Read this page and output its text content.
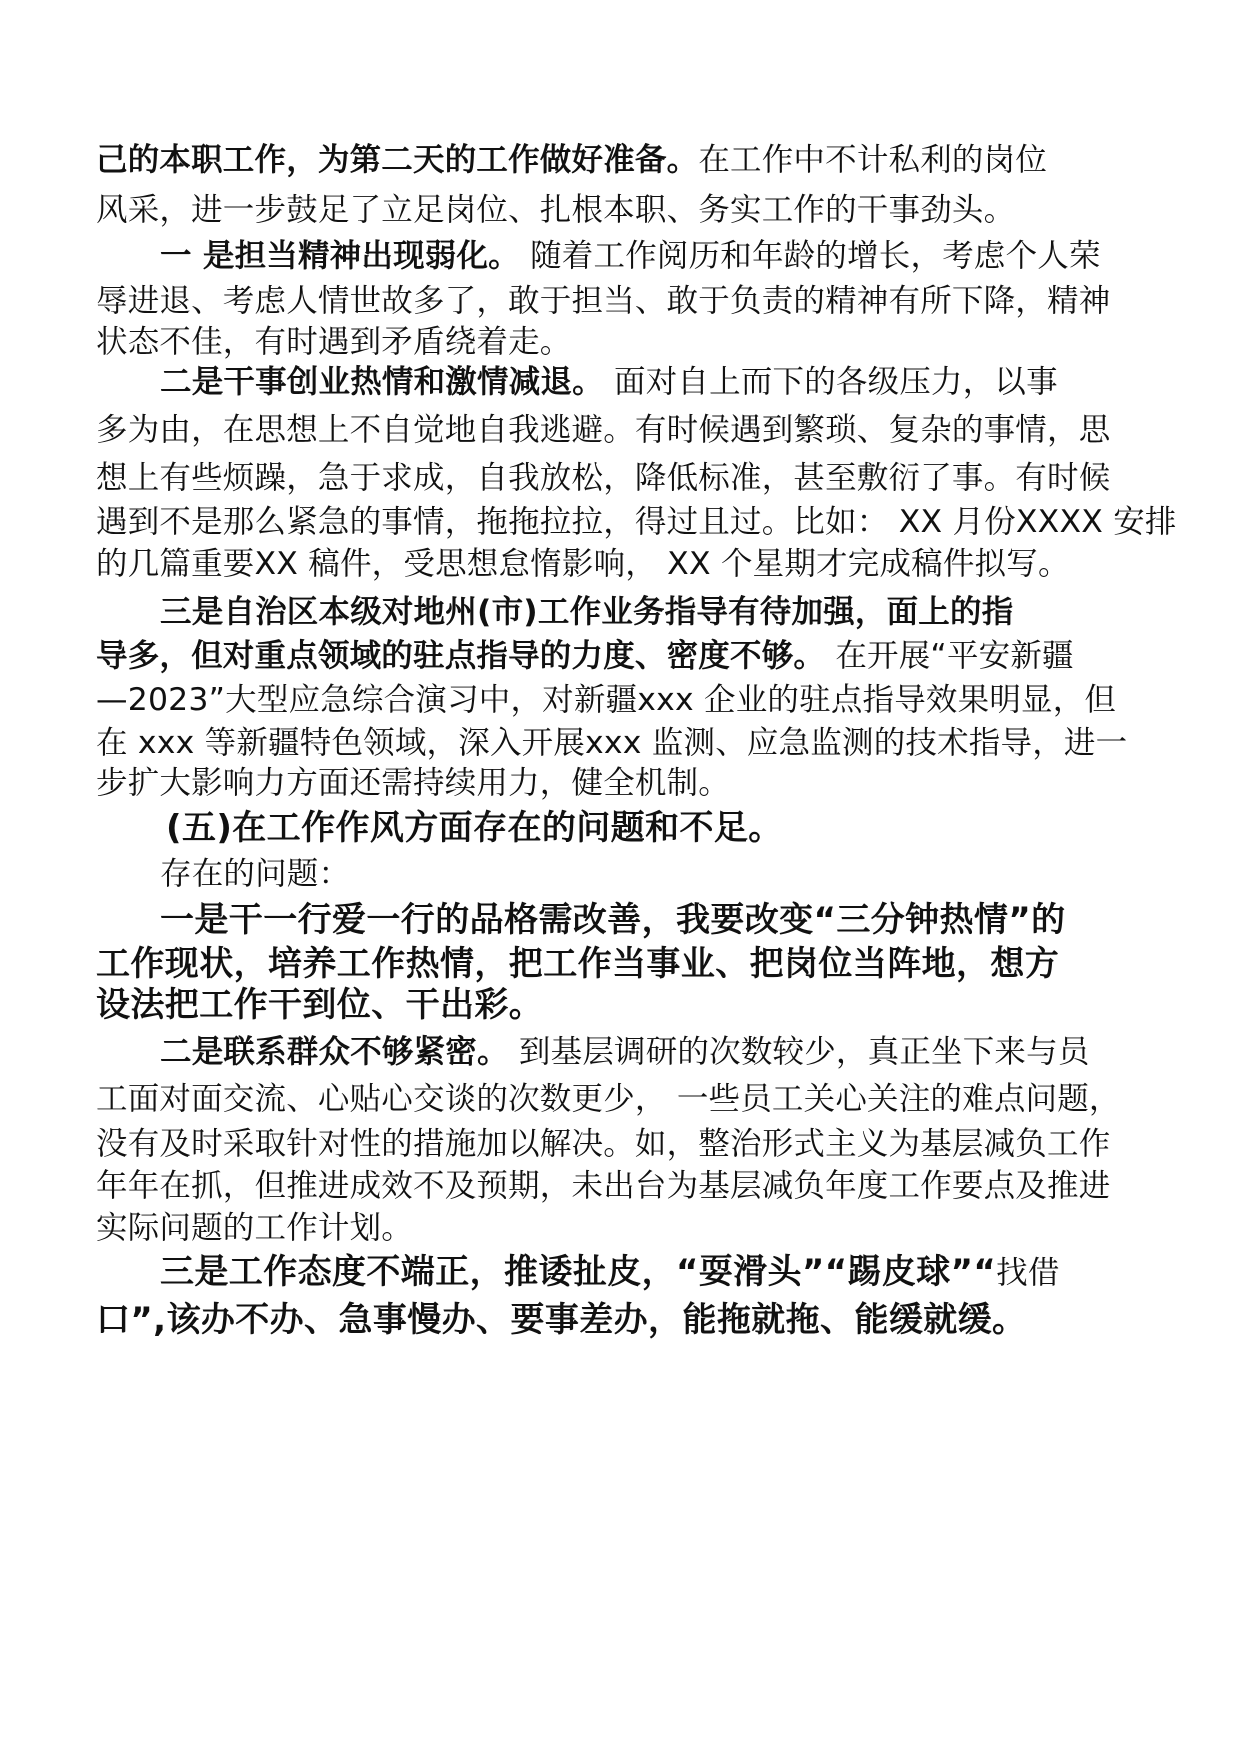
己的本职工作，为第二天的工作做好准备。在工作中不计私利的岗位

风采，进一步鼓足了立足岗位、扎根本职、务实工作的干事劲头。

一 是担当精神出现弱化。 随着工作阅历和年龄的增长，考虑个人荣

辱进退、考虑人情世故多了，敢于担当、敢于负责的精神有所下降，精神

状态不佳，有时遇到矛盾绕着走。

二是干事创业热情和激情减退。 面对自上而下的各级压力，以事

多为由，在思想上不自觉地自我逃避。有时候遇到繁琐、复杂的事情，思

想上有些烦躁，急于求成，自我放松，降低标准，甚至敷衍了事。有时候

遇到不是那么紧急的事情，拖拖拉拉，得过且过。比如： XX 月份XXXX 安排

的几篇重要XX 稿件，受思想怠惰影响， XX 个星期才完成稿件拟写。

三是自治区本级对地州(市)工作业务指导有待加强，面上的指

导多，但对重点领域的驻点指导的力度、密度不够。 在开展“平安新疆

—2023”大型应急综合演习中，对新疆xxx 企业的驻点指导效果明显，但

在 xxx 等新疆特色领域，深入开展xxx 监测、应急监测的技术指导，进一

步扩大影响力方面还需持续用力，健全机制。

(五)在工作作风方面存在的问题和不足。

存在的问题：

一是干一行爱一行的品格需改善，我要改变“三分钟热情”的

工作现状，培养工作热情，把工作当事业、把岗位当阵地，想方

设法把工作干到位、干出彩。

二是联系群众不够紧密。 到基层调研的次数较少，真正坐下来与员

工面对面交流、心贴心交谈的次数更少， 一些员工关心关注的难点问题，

没有及时采取针对性的措施加以解决。如，整治形式主义为基层减负工作

年年在抓，但推进成效不及预期，未出台为基层减负年度工作要点及推进

实际问题的工作计划。

三是工作态度不端正，推诿扯皮，“耍滑头”“踢皮球”“找借

口”,该办不办、急事慢办、要事差办，能拖就拖、能缓就缓。
